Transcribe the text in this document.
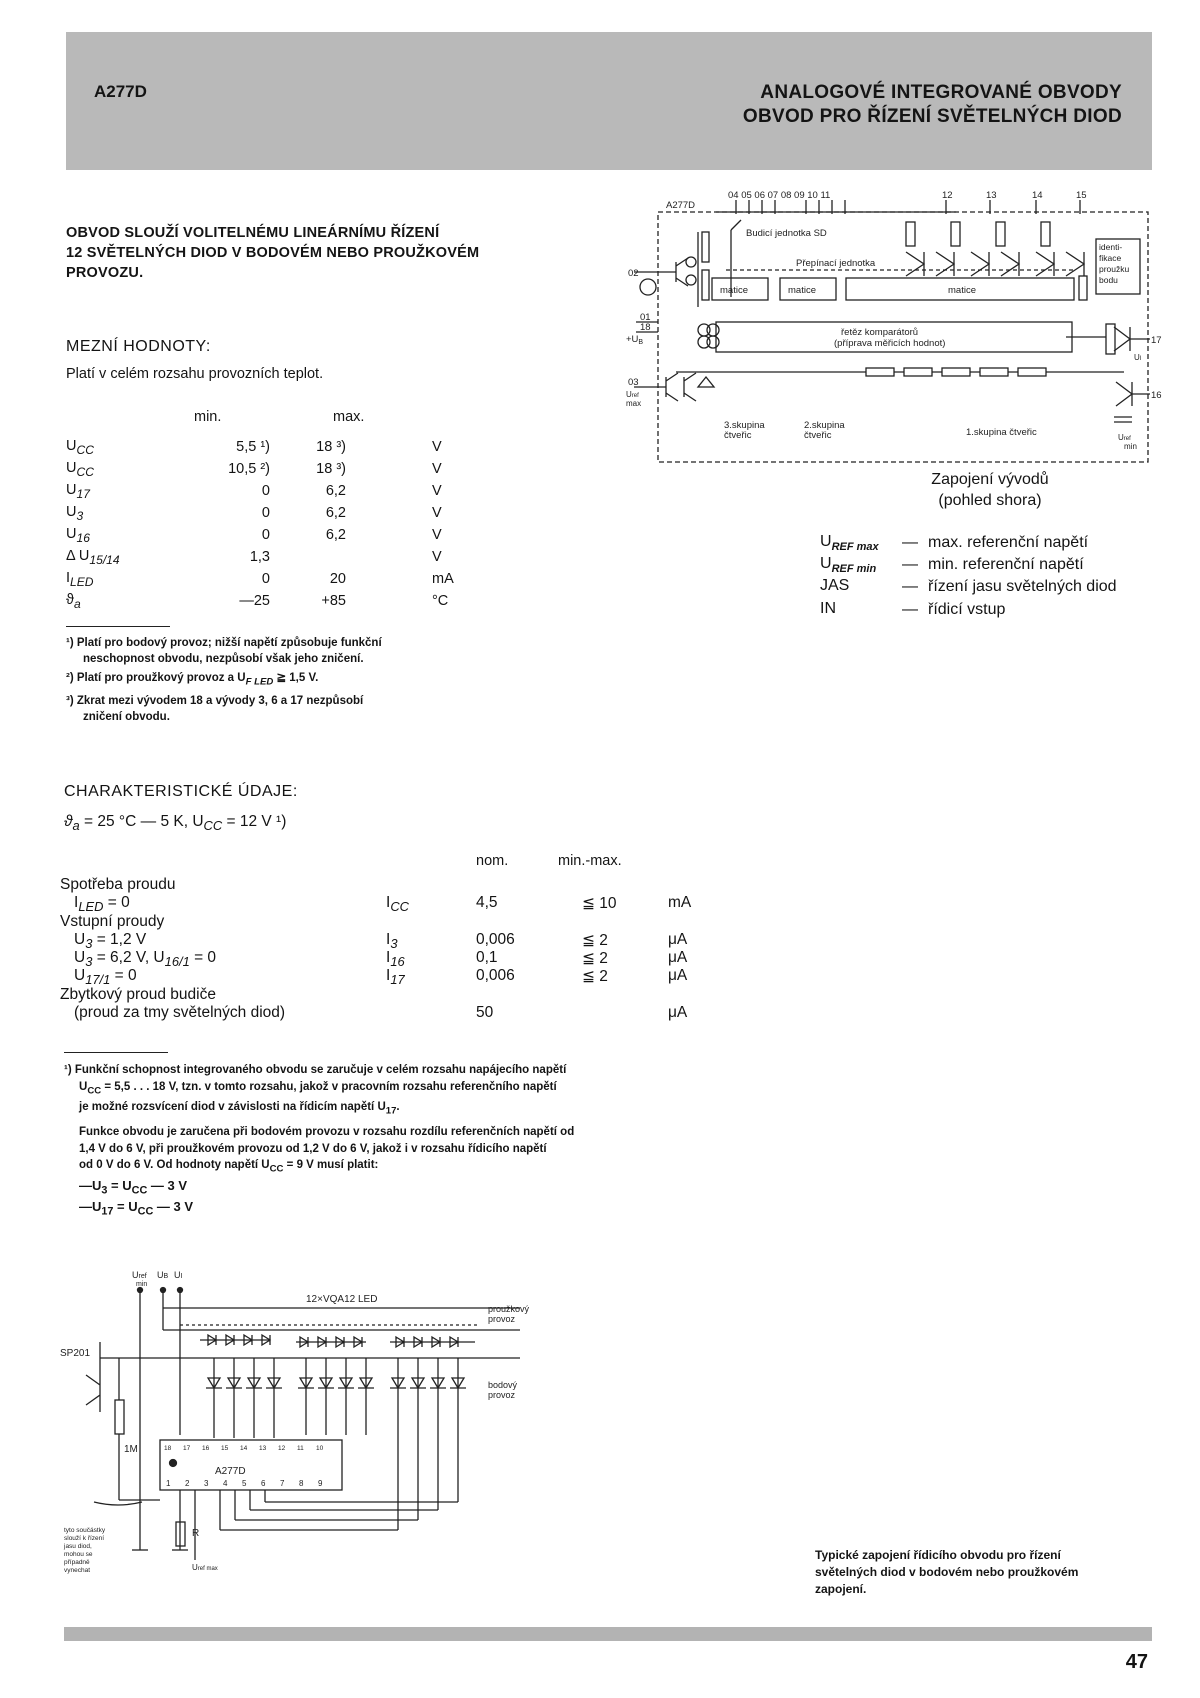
A277D	ANALOGOVÉ INTEGROVANÉ OBVODY
OBVOD PRO ŘÍZENÍ SVĚTELNÝCH DIOD
OBVOD SLOUŽÍ VOLITELNÉMU LINEÁRNÍMU ŘÍZENÍ
12 SVĚTELNÝCH DIOD V BODOVÉM NEBO PROUŽKOVÉM
PROVOZU.
MEZNÍ HODNOTY:
Platí v celém rozsahu provozních teplot.
min.	max.
$U_{CC}$	5,5 ¹)	18 ³)	V
$U_{CC}$	10,5 ²)	18 ³)	V
$U_{17}$	0	6,2	V
$U_3$	0	6,2	V
$U_{16}$	0	6,2	V
Δ $U_{15/14}$	1,3		V
$I_{LED}$	0	20	mA
$ϑ_a$	—25	+85	°C
¹) Platí pro bodový provoz; nižší napětí způsobuje funkční
neschopnost obvodu, nezpůsobí však jeho zničení.
²) Platí pro proužkový provoz a $U_{F LED}$ ≧ 1,5 V.
³) Zkrat mezi vývodem 18 a vývody 3, 6 a 17 nezpůsobí
zničení obvodu.
CHARAKTERISTICKÉ ÚDAJE:
$ϑ_a = 25$ °C — 5 K, $U_{CC} = 12$ V ¹)
nom.	min.-max.
Spotřeba proudu
$I_{LED} = 0$	$I_{CC}$	4,5	≦ 10	mA
Vstupní proudy
$U_3 = 1,2$ V	$I_3$	0,006	≦ 2	μA
$U_3 = 6,2$ V, $U_{16/1} = 0$	$I_{16}$	0,1	≦ 2	μA
$U_{17/1} = 0$	$I_{17}$	0,006	≦ 2	μA
Zbytkový proud budiče
(proud za tmy světelných diod)	50	μA
¹) Funkční schopnost integrovaného obvodu se zaručuje v celém rozsahu napájecího napětí
$U_{CC} = 5,5$ . . . 18 V, tzn. v tomto rozsahu, jakož v pracovním rozsahu referenčního napětí
je možné rozsvícení diod v závislosti na řídicím napětí $U_{17}$.
Funkce obvodu je zaručena při bodovém provozu v rozsahu rozdílu referenčních napětí od
1,4 V do 6 V, při proužkovém provozu od 1,2 V do 6 V, jakož i v rozsahu řídicího napětí
od 0 V do 6 V. Od hodnoty napětí $U_{CC} = 9$ V musí platit:
$—U_3 = U_{CC}$ — 3 V
$—U_{17} = U_{CC}$ — 3 V
A277D
04 05 06 07 08 09 10 11	12	13	14	15
Budicí jednotka SD
Přepínací jednotka
matice	matice	matice
identi-
fikace
proužku
bodu
řetěz komparátorů
(příprava měřicích hodnot)
02
01
18
$+U_B$
03
Uref
max
17
16
UI
Uref
min
3.skupina
čtveřic
2.skupina
čtveřic	1.skupina čtveřic
Zapojení vývodů
(pohled shora)
$U_{REF max}$	—	max. referenční napětí
$U_{REF min}$	—	min. referenční napětí
JAS	—	řízení jasu světelných diod
IN	—	řídicí vstup
Uref
min
UB UI
12×VQA12 LED
proužkový
provoz
bodový
provoz
SP201
1M
A277D
R
Uref max
tyto součástky
slouží k řízení
jasu diod,
mohou se
případně
vynechat
18 17 16 15 14 13 12 11 10
1 2 3 4 5 6 7 8 9
Typické zapojení řídicího obvodu pro řízení
světelných diod v bodovém nebo proužkovém
zapojení.
47
